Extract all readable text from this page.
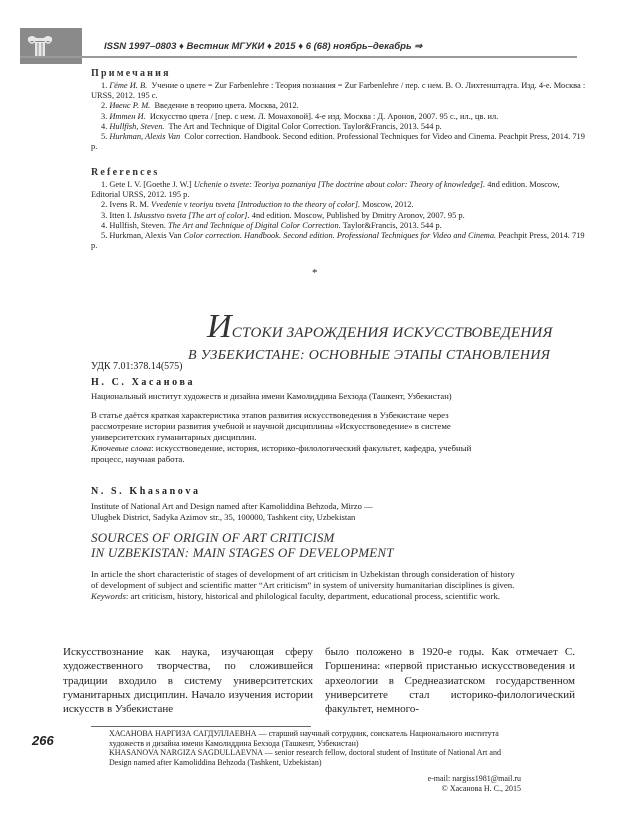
ISSN 1997–0803 ♦ Вестник МГУКИ ♦ 2015 ♦ 6 (68) ноябрь–декабрь ⇒
Примечания

1. Гёте И. В. Учение о цвете = Zur Farbenlehre : Теория познания = Zur Farbenlehre / пер. с нем. В. О. Лихтенштадта. Изд. 4-е. Москва : URSS, 2012. 195 с.

2. Ивенс Р. М. Введение в теорию цвета. Москва, 2012.

3. Иттен И. Искусство цвета / [пер. с нем. Л. Монаховой]. 4-е изд. Москва : Д. Аронов, 2007. 95 с., ил., цв. ил.

4. Hullfish, Steven. The Art and Technique of Digital Color Correction. Taylor&Francis, 2013. 544 p.

5. Hurkman, Alexis Van Color correction. Handbook. Second edition. Professional Techniques for Video and Cinema. Peachpit Press, 2014. 719 p.

References

1. Gete I. V. [Goethe J. W.] Uchenie o tsvete: Teoriya poznaniya [The doctrine about color: Theory of knowledge]. 4nd edition. Moscow, Editorial URSS, 2012. 195 p.

2. Ivens R. M. Vvedenie v teoriyu tsveta [Introduction to the theory of color]. Moscow, 2012.

3. Itten I. Iskusstvo tsveta [The art of color]. 4nd edition. Moscow, Published by Dmitry Aronov, 2007. 95 p.

4. Hullfish, Steven. The Art and Technique of Digital Color Correction. Taylor&Francis, 2013. 544 p.

5. Hurkman, Alexis Van Color correction. Handbook. Second edition. Professional Techniques for Video and Cinema. Peachpit Press, 2014. 719 p.

*
ИСТОКИ ЗАРОЖДЕНИЯ ИСКУССТВОВЕДЕНИЯ
В УЗБЕКИСТАНЕ: ОСНОВНЫЕ ЭТАПЫ СТАНОВЛЕНИЯ
УДК 7.01:378.14(575)
Н. С. Хасанова
Национальный институт художеств и дизайна имени Камолиддина Бехзода (Ташкент, Узбекистан)
В статье даётся краткая характеристика этапов развития искусствоведения в Узбекистане через рассмотрение истории развития учебной и научной дисциплины «Искусствоведение» в системе университетских гуманитарных дисциплин.
Ключевые слова: искусствоведение, история, историко-филологический факультет, кафедра, учебный процесс, научная работа.
N. S. Khasanova
Institute of National Art and Design named after Kamoliddina Behzoda, Mirzo —
Ulugbek District, Sadyka Azimov str., 35, 100000, Tashkent city, Uzbekistan
SOURCES OF ORIGIN OF ART CRITICISM
IN UZBEKISTAN: MAIN STAGES OF DEVELOPMENT
In article the short characteristic of stages of development of art criticism in Uzbekistan through consideration of history of development of subject and scientific matter “Art criticism” in system of university humanitarian disciplines is given.
Keywords: art criticism, history, historical and philological faculty, department, educational process, scientific work.
Искусствознание как наука, изучающая сферу художественного творчества, по сложившейся традиции входило в систему университетских гуманитарных дисциплин. Начало изучения истории искусств в Узбекистане
было положено в 1920-е годы. Как отмечает С. Горшенина: «первой пристанью искусствоведения и археологии в Среднеазиатском государственном университете стал историко-филологический факультет, немного-

ХАСАНОВА НАРГИЗА САГДУЛЛАЕВНА — старший научный сотрудник, соискатель Национального института художеств и дизайна имени Камолиддина Бехзода (Ташкент, Узбекистан)

KHASANOVA NARGIZA SAGDULLAEVNA — senior research fellow, doctoral student of Institute of National Art and Design named after Kamoliddina Behzoda (Tashkent, Uzbekistan)

266
e-mail: nargiss1981@mail.ru
© Хасанова Н. С., 2015
